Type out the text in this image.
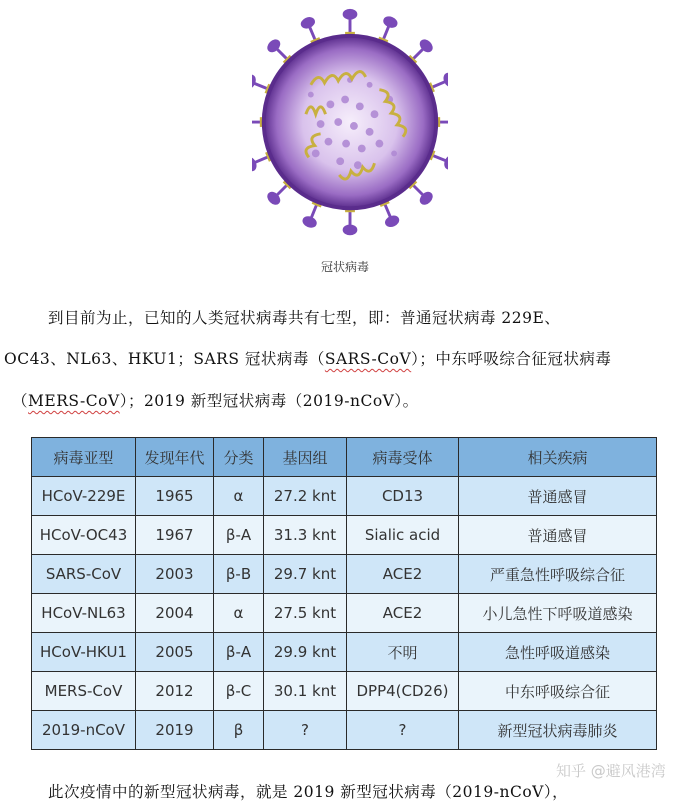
冠状病毒
到目前为止，已知的人类冠状病毒共有七型，即：普通冠状病毒 229E、
OC43、NL63、HKU1；SARS 冠状病毒（SARS-CoV）；中东呼吸综合征冠状病毒
（MERS-CoV）；2019 新型冠状病毒（2019-nCoV）。
病毒亚型	发现年代	分类	基因组	病毒受体	相关疾病
HCoV-229E	1965	α	27.2 knt	CD13	普通感冒
HCoV-OC43	1967	β-A	31.3 knt	Sialic acid	普通感冒
SARS-CoV	2003	β-B	29.7 knt	ACE2	严重急性呼吸综合征
HCoV-NL63	2004	α	27.5 knt	ACE2	小儿急性下呼吸道感染
HCoV-HKU1	2005	β-A	29.9 knt	不明	急性呼吸道感染
MERS-CoV	2012	β-C	30.1 knt	DPP4(CD26)	中东呼吸综合征
2019-nCoV	2019	β	?	?	新型冠状病毒肺炎
知乎 @避风港湾
此次疫情中的新型冠状病毒，就是 2019 新型冠状病毒（2019-nCoV），
